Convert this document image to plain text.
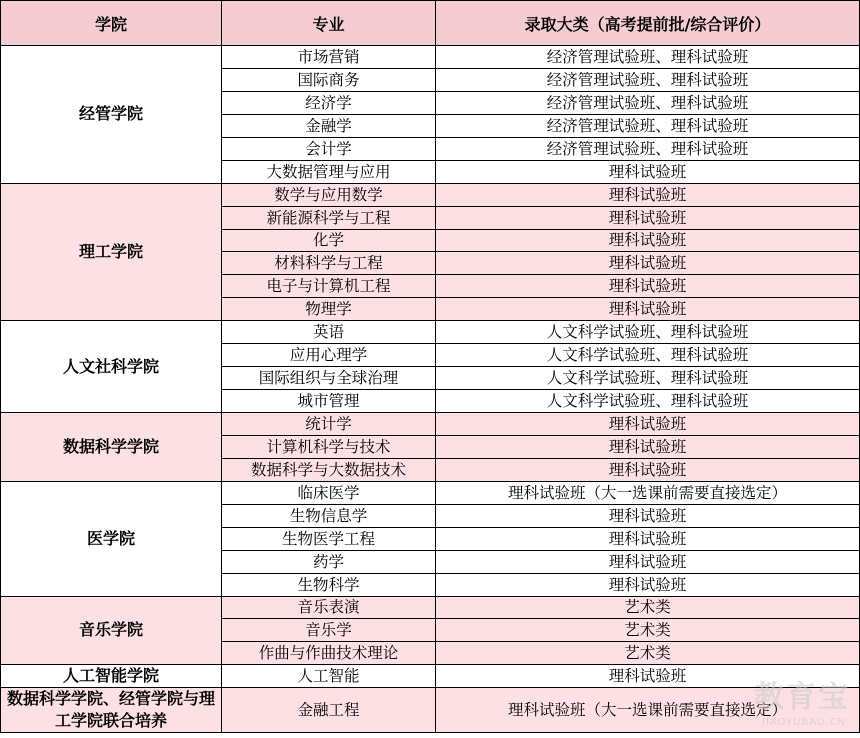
学院	专业	录取大类（高考提前批/综合评价）
经管学院	市场营销	经济管理试验班、理科试验班
	国际商务	经济管理试验班、理科试验班
	经济学	经济管理试验班、理科试验班
	金融学	经济管理试验班、理科试验班
	会计学	经济管理试验班、理科试验班
	大数据管理与应用	理科试验班
理工学院	数学与应用数学	理科试验班
	新能源科学与工程	理科试验班
	化学	理科试验班
	材料科学与工程	理科试验班
	电子与计算机工程	理科试验班
	物理学	理科试验班
人文社科学院	英语	人文科学试验班、理科试验班
	应用心理学	人文科学试验班、理科试验班
	国际组织与全球治理	人文科学试验班、理科试验班
	城市管理	人文科学试验班、理科试验班
数据科学学院	统计学	理科试验班
	计算机科学与技术	理科试验班
	数据科学与大数据技术	理科试验班
医学院	临床医学	理科试验班（大一选课前需要直接选定）
	生物信息学	理科试验班
	生物医学工程	理科试验班
	药学	理科试验班
	生物科学	理科试验班
音乐学院	音乐表演	艺术类
	音乐学	艺术类
	作曲与作曲技术理论	艺术类
人工智能学院	人工智能	理科试验班
数据科学学院、经管学院与理工学院联合培养	金融工程	理科试验班（大一选课前需要直接选定）
教育宝
JIAOYUBAO.CN
